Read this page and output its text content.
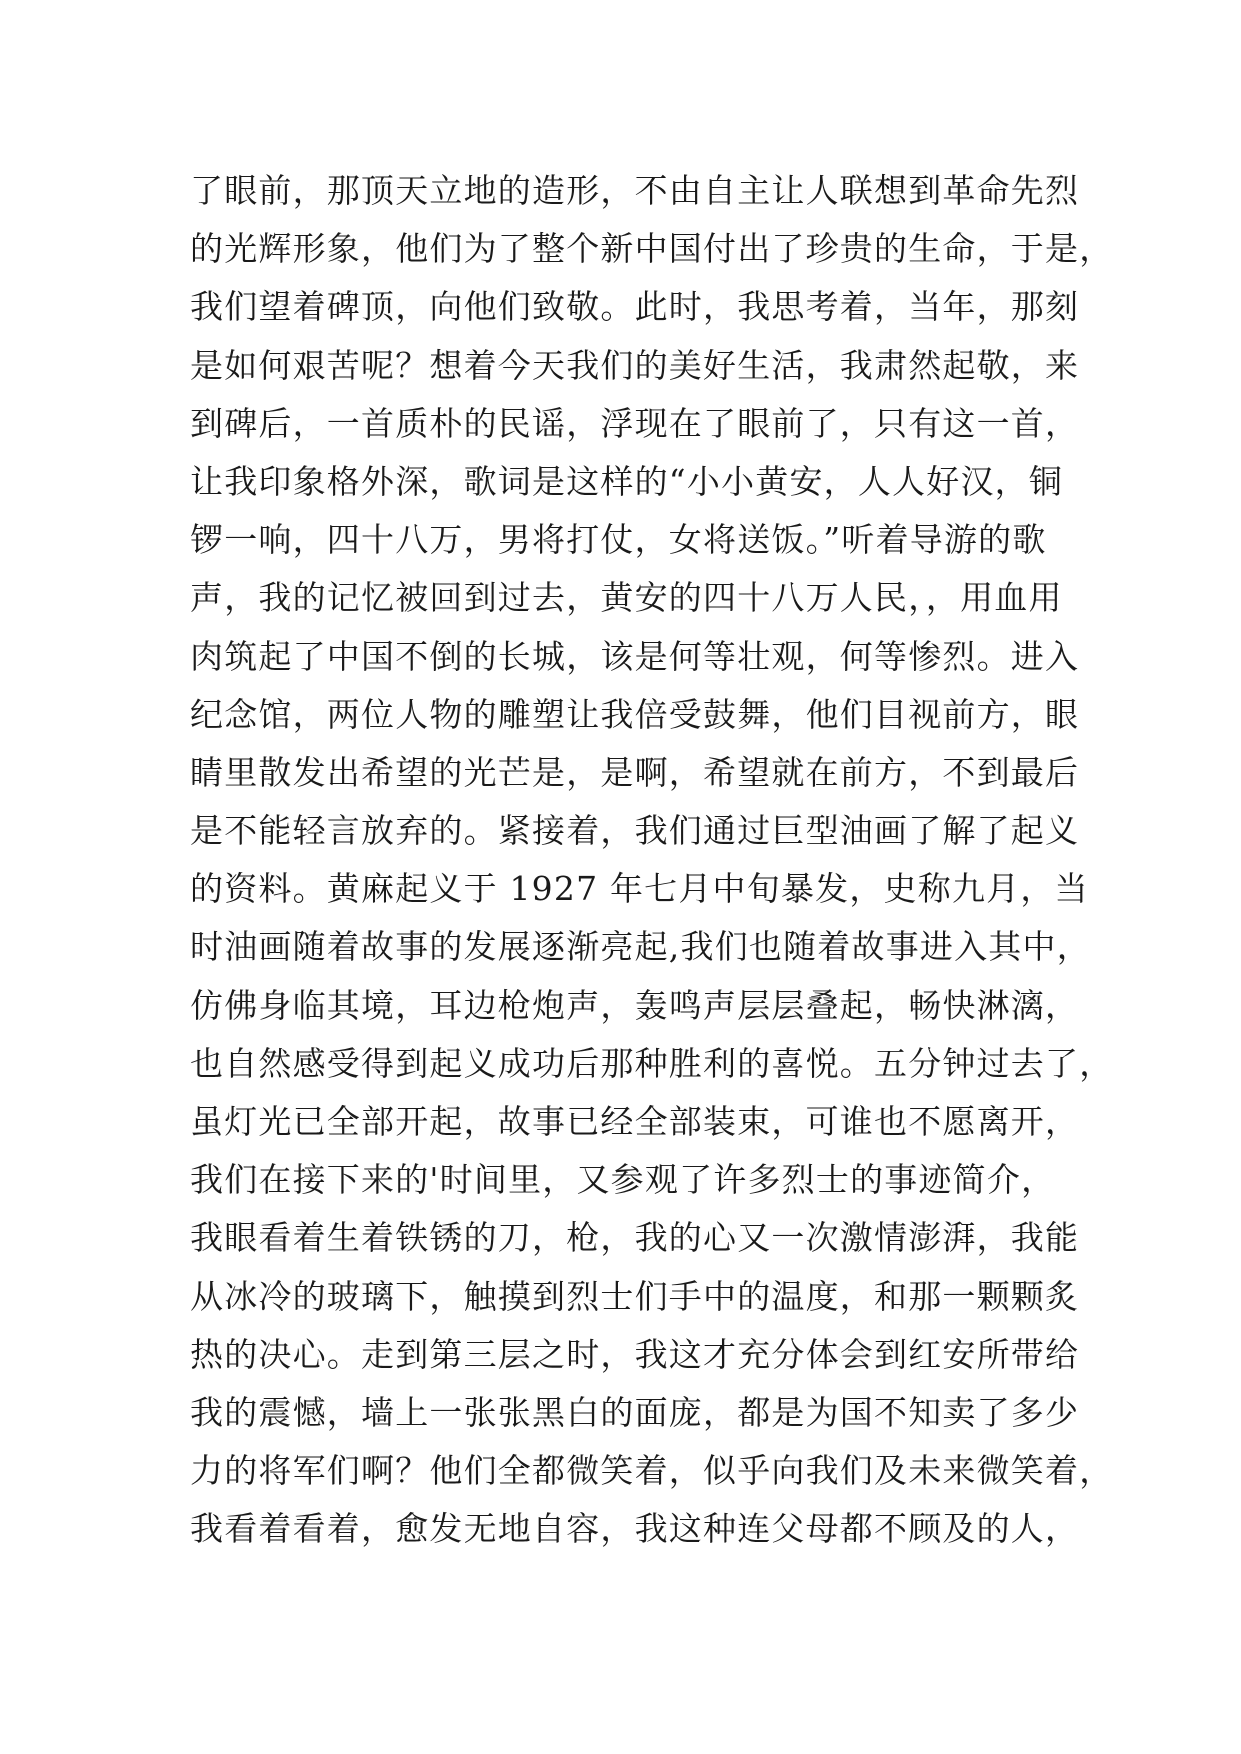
了眼前，那顶天立地的造形，不由自主让人联想到革命先烈
的光辉形象，他们为了整个新中国付出了珍贵的生命，于是，
我们望着碑顶，向他们致敬。此时，我思考着，当年，那刻
是如何艰苦呢？想着今天我们的美好生活，我肃然起敬，来
到碑后，一首质朴的民谣，浮现在了眼前了，只有这一首，
让我印象格外深，歌词是这样的“小小黄安，人人好汉，铜
锣一响，四十八万，男将打仗，女将送饭。”听着导游的歌
声，我的记忆被回到过去，黄安的四十八万人民，，用血用
肉筑起了中国不倒的长城，该是何等壮观，何等惨烈。进入
纪念馆，两位人物的雕塑让我倍受鼓舞，他们目视前方，眼
睛里散发出希望的光芒是，是啊，希望就在前方，不到最后
是不能轻言放弃的。紧接着，我们通过巨型油画了解了起义
的资料。黄麻起义于 1927 年七月中旬暴发，史称九月，当
时油画随着故事的发展逐渐亮起,我们也随着故事进入其中，
仿佛身临其境，耳边枪炮声，轰鸣声层层叠起，畅快淋漓，
也自然感受得到起义成功后那种胜利的喜悦。五分钟过去了，
虽灯光已全部开起，故事已经全部装束，可谁也不愿离开，
我们在接下来的'时间里，又参观了许多烈士的事迹简介，
我眼看着生着铁锈的刀，枪，我的心又一次激情澎湃，我能
从冰冷的玻璃下，触摸到烈士们手中的温度，和那一颗颗炙
热的决心。走到第三层之时，我这才充分体会到红安所带给
我的震憾，墙上一张张黑白的面庞，都是为国不知卖了多少
力的将军们啊？他们全都微笑着，似乎向我们及未来微笑着，
我看着看着，愈发无地自容，我这种连父母都不顾及的人，
